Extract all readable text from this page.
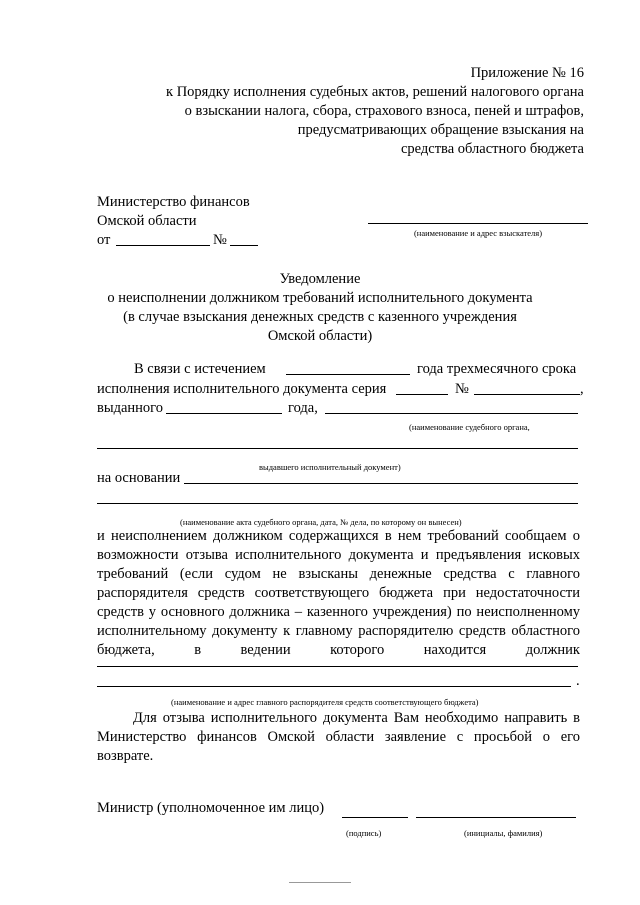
Приложение № 16
к Порядку исполнения судебных актов, решений налогового органа
о взыскании налога, сбора, страхового взноса, пеней и штрафов,
предусматривающих обращение взыскания на
средства областного бюджета
Министерство финансов
Омской области
от	№	(наименование и адрес взыскателя)
Уведомление
о неисполнении должником требований исполнительного документа
(в случае взыскания денежных средств с казенного учреждения
Омской области)
В связи с истечением	года трехмесячного срока
исполнения исполнительного документа серия	№	,
выданного	года,
(наименование судебного органа,
выдавшего исполнительный документ)
на основании
(наименование акта судебного органа, дата, № дела, по которому он вынесен)
и неисполнением должником содержащихся в нем требований сообщаем о
возможности отзыва исполнительного документа и предъявления исковых
требований (если судом не взысканы денежные средства с главного
распорядителя средств соответствующего бюджета при недостаточности
средств у основного должника – казенного учреждения) по неисполненному
исполнительному документу к главному распорядителю средств областного
бюджета,	в	ведении	которого	находится	должник
.
(наименование и адрес главного распорядителя средств соответствующего бюджета)
Для отзыва исполнительного документа Вам необходимо направить в
Министерство финансов Омской области заявление с просьбой о его
возврате.
Министр (уполномоченное им лицо)
(подпись)	(инициалы, фамилия)
